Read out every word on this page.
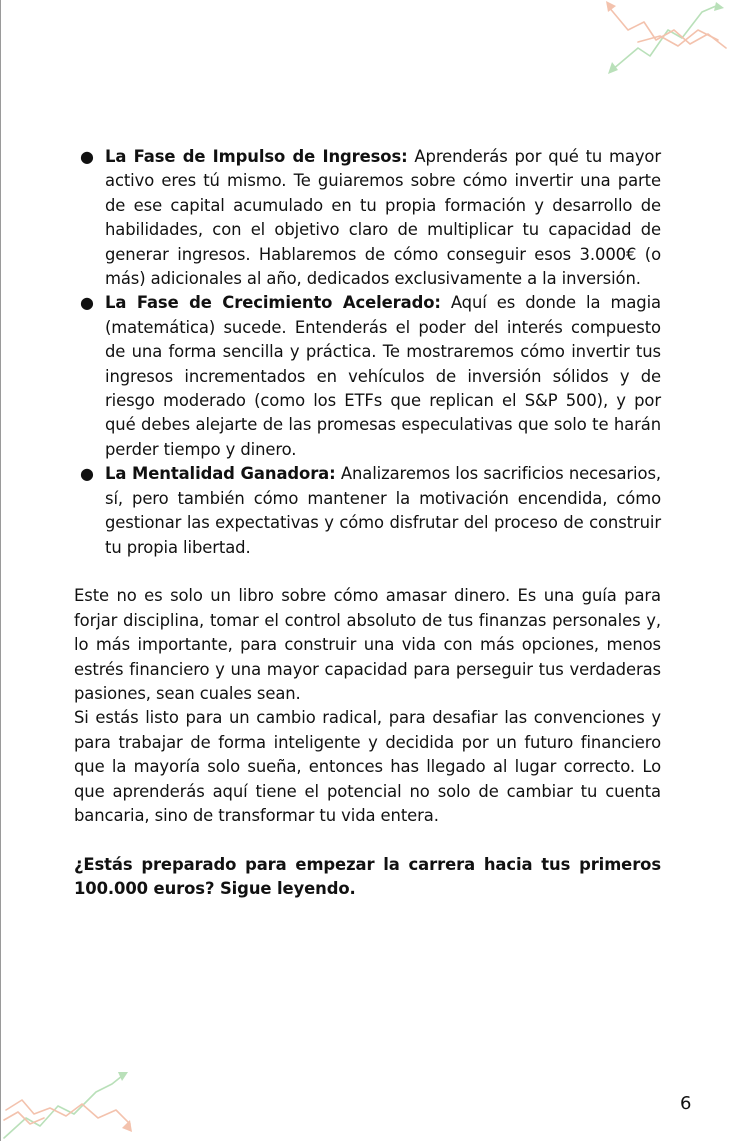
● La Fase de Impulso de Ingresos: Aprenderás por qué tu mayor activo eres tú mismo. Te guiaremos sobre cómo invertir una parte de ese capital acumulado en tu propia formación y desarrollo de habilidades, con el objetivo claro de multiplicar tu capacidad de generar ingresos. Hablaremos de cómo conseguir esos 3.000€ (o más) adicionales al año, dedicados exclusivamente a la inversión.
● La Fase de Crecimiento Acelerado: Aquí es donde la magia (matemática) sucede. Entenderás el poder del interés compuesto de una forma sencilla y práctica. Te mostraremos cómo invertir tus ingresos incrementados en vehículos de inversión sólidos y de riesgo moderado (como los ETFs que replican el S&P 500), y por qué debes alejarte de las promesas especulativas que solo te harán perder tiempo y dinero.
● La Mentalidad Ganadora: Analizaremos los sacrificios necesarios, sí, pero también cómo mantener la motivación encendida, cómo gestionar las expectativas y cómo disfrutar del proceso de construir tu propia libertad.

Este no es solo un libro sobre cómo amasar dinero. Es una guía para forjar disciplina, tomar el control absoluto de tus finanzas personales y, lo más importante, para construir una vida con más opciones, menos estrés financiero y una mayor capacidad para perseguir tus verdaderas pasiones, sean cuales sean.

Si estás listo para un cambio radical, para desafiar las convenciones y para trabajar de forma inteligente y decidida por un futuro financiero que la mayoría solo sueña, entonces has llegado al lugar correcto. Lo que aprenderás aquí tiene el potencial no solo de cambiar tu cuenta bancaria, sino de transformar tu vida entera.

¿Estás preparado para empezar la carrera hacia tus primeros 100.000 euros? Sigue leyendo.

6
